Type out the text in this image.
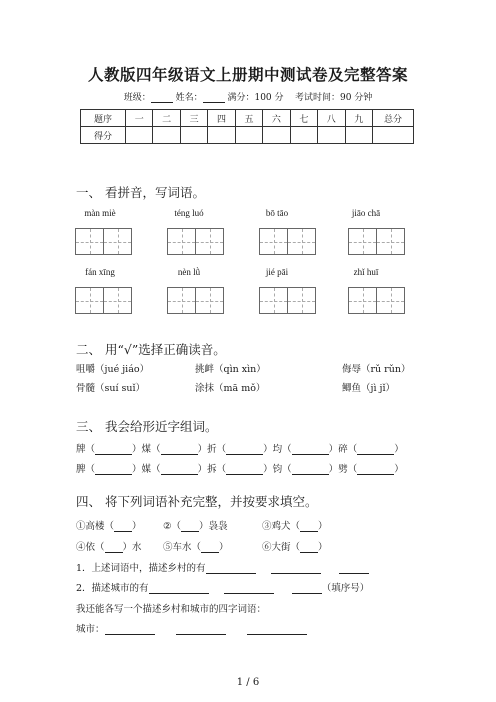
人教版四年级语文上册期中测试卷及完整答案
班级：	姓名：	满分：100 分 考试时间：90 分钟
题序	一	二	三	四	五	六	七	八	九	总分
得分										
一、 看拼音，写词语。
màn miè	téng luó	bō tāo	jiāo chā
fán xīng	nèn lǜ	jié pāi	zhǐ huī
二、 用“√”选择正确读音。
咀嚼（jué jiáo）	挑衅（qìn xìn）	侮辱（rǔ rǔn）
骨髓（suí suǐ）	涂抹（mā mǒ）	鲫鱼（jì jǐ）
三、 我会给形近字组词。
牌（	）煤（	）折（	）均（	）碎（	）
脾（	）媒（	）拆（	）钧（	）劈（	）
四、 将下列词语补充完整，并按要求填空。
①高楼（ ） ②（ ）袅袅	③鸡犬（ ）
④依（ ）水 ⑤车水（ ）	⑥大街（ ）
1．上述词语中，描述乡村的有
2．描述城市的有	（填序号）
我还能各写一个描述乡村和城市的四字词语：
城市：
1 / 6
